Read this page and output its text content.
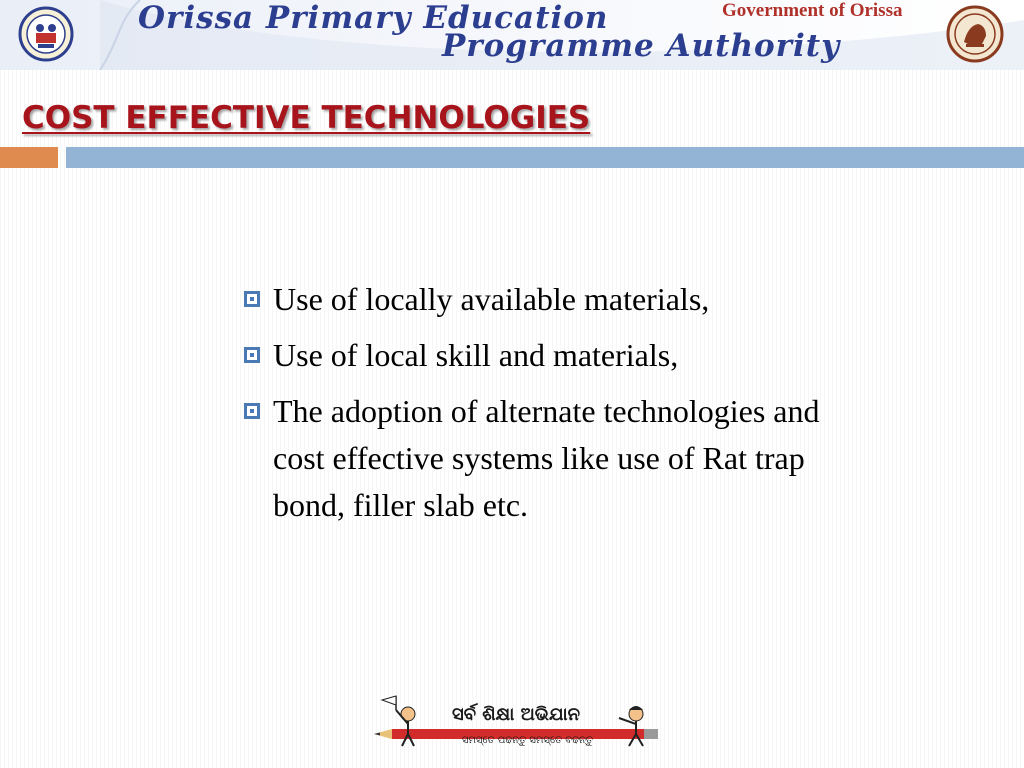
Orissa Primary Education
Programme Authority
Government of Orissa
COST EFFECTIVE TECHNOLOGIES
Use of locally available materials,
Use of local skill and materials,
The adoption of alternate technologies and cost effective systems like use of Rat trap bond, filler slab etc.
ସର୍ବ ଶିକ୍ଷା ଅଭିଯାନ
ସମସ୍ତେ ପଢନ୍ତୁ ସମସ୍ତେ ବଢନ୍ତୁ
